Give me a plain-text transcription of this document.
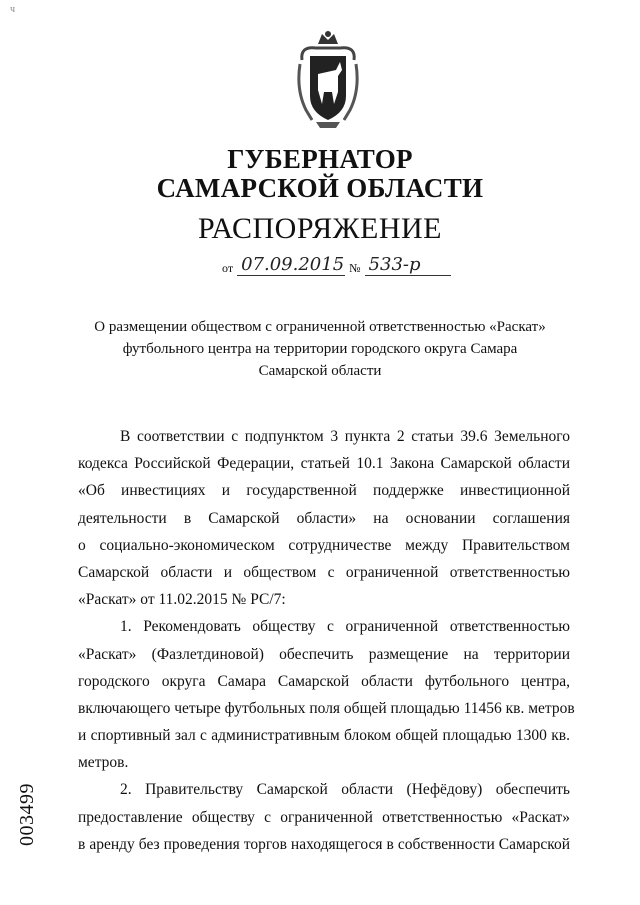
ч
ГУБЕРНАТОР
САМАРСКОЙ ОБЛАСТИ
РАСПОРЯЖЕНИЕ
от 07.09.2015 № 533-р
О размещении обществом с ограниченной ответственностью «Раскат»
футбольного центра на территории городского округа Самара
Самарской области
В соответствии с подпунктом 3 пункта 2 статьи 39.6 Земельного
кодекса Российской Федерации, статьей 10.1 Закона Самарской области
«Об инвестициях и государственной поддержке инвестиционной
деятельности в Самарской области» на основании соглашения
о социально-экономическом сотрудничестве между Правительством
Самарской области и обществом с ограниченной ответственностью
«Раскат» от 11.02.2015 № РС/7:
1. Рекомендовать обществу с ограниченной ответственностью
«Раскат» (Фазлетдиновой) обеспечить размещение на территории
городского округа Самара Самарской области футбольного центра,
включающего четыре футбольных поля общей площадью 11456 кв. метров
и спортивный зал с административным блоком общей площадью 1300 кв.
метров.
2. Правительству Самарской области (Нефёдову) обеспечить
предоставление обществу с ограниченной ответственностью «Раскат»
в аренду без проведения торгов находящегося в собственности Самарской
003499
